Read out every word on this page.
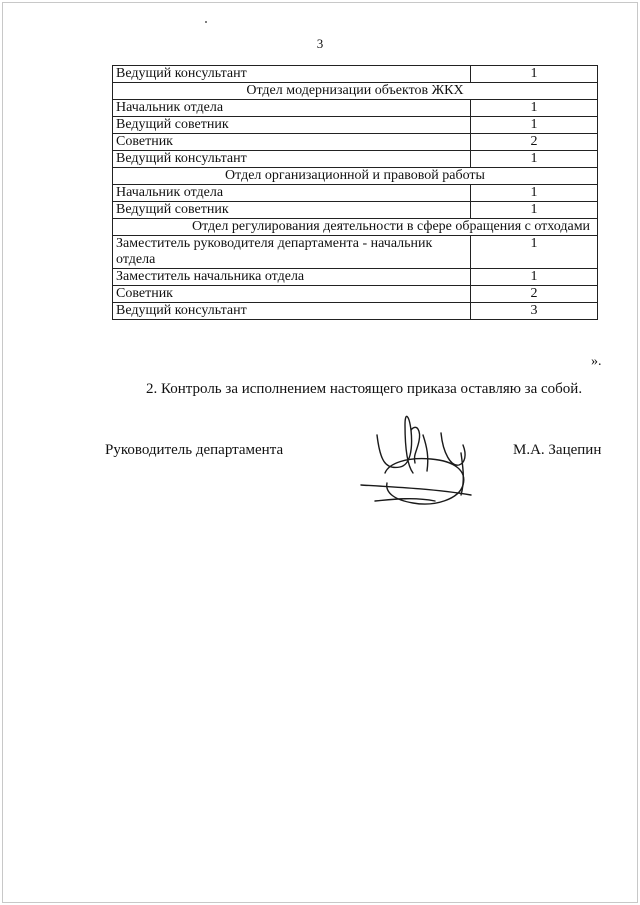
3
Ведущий консультант	1
Отдел модернизации объектов ЖКХ	
Начальник отдела	1
Ведущий советник	1
Советник	2
Ведущий консультант	1
Отдел организационной и правовой работы	
Начальник отдела	1
Ведущий советник	1
Отдел регулирования деятельности в сфере обращения с отходами	
Заместитель руководителя департамента - начальник отдела	1
Заместитель начальника отдела	1
Советник	2
Ведущий консультант	3
».
2. Контроль за исполнением настоящего приказа оставляю за собой.
Руководитель департамента	М.А. Зацепин
